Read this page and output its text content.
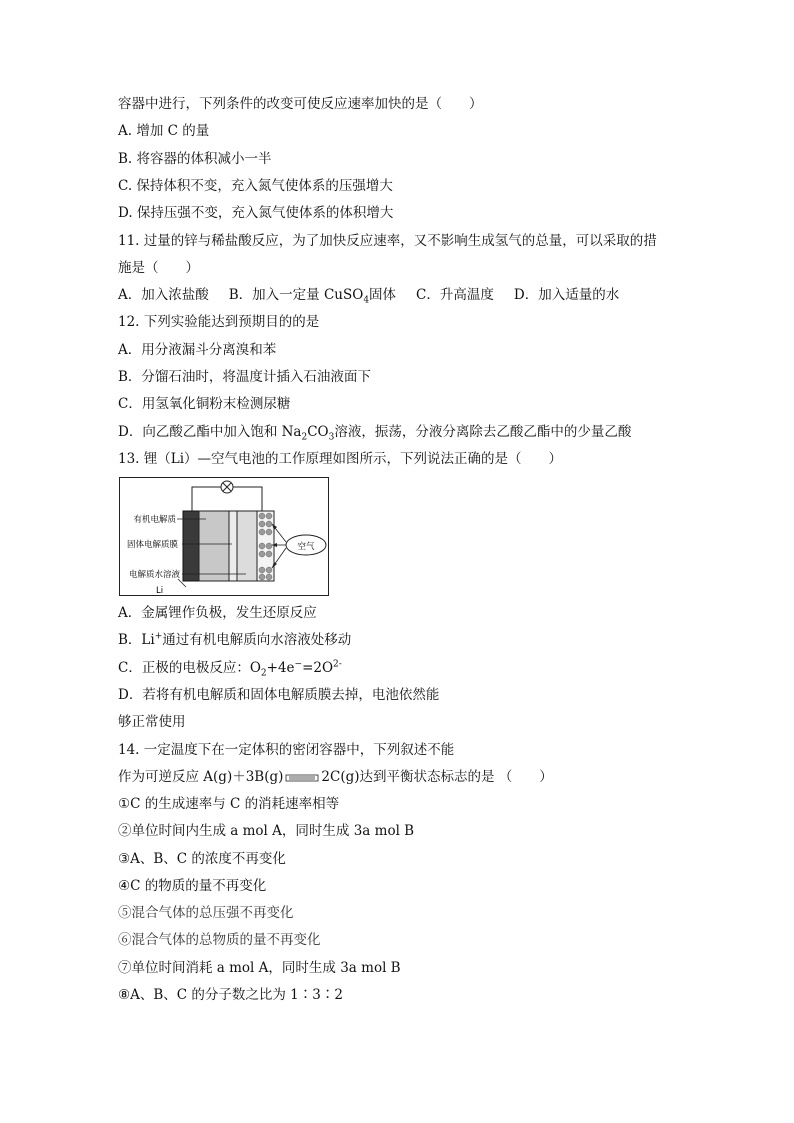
容器中进行，下列条件的改变可使反应速率加快的是（　　）
A. 增加 C 的量
B. 将容器的体积减小一半
C. 保持体积不变，充入氮气使体系的压强增大
D. 保持压强不变，充入氮气使体系的体积增大
11. 过量的锌与稀盐酸反应，为了加快反应速率，又不影响生成氢气的总量，可以采取的措
施是（　　）
A．加入浓盐酸 B．加入一定量 CuSO$_4$固体 C．升高温度 D．加入适量的水
12. 下列实验能达到预期目的的是
A．用分液漏斗分离溴和苯
B．分馏石油时，将温度计插入石油液面下
C．用氢氧化铜粉末检测尿糖
D．向乙酸乙酯中加入饱和 $Na_2CO_3$溶液，振荡，分液分离除去乙酸乙酯中的少量乙酸
13. 锂（Li）—空气电池的工作原理如图所示，下列说法正确的是（　　）
有机电解质
固体电解质膜
电解质水溶液
Li
空气
A．金属锂作负极，发生还原反应
B．Li+通过有机电解质向水溶液处移动
C．正极的电极反应：$O_2+4e^-=2O^{2-}$
D．若将有机电解质和固体电解质膜去掉，电池依然能
够正常使用
14. 一定温度下在一定体积的密闭容器中，下列叙述不能
作为可逆反应 A(g)＋3B(g)	2C(g)达到平衡状态标志的是 （　　）
①C 的生成速率与 C 的消耗速率相等
②单位时间内生成 a mol A，同时生成 3a mol B
③A、B、C 的浓度不再变化
④C 的物质的量不再变化
⑤混合气体的总压强不再变化
⑥混合气体的总物质的量不再变化
⑦单位时间消耗 a mol A，同时生成 3a mol B
⑧A、B、C 的分子数之比为 1∶3∶2
